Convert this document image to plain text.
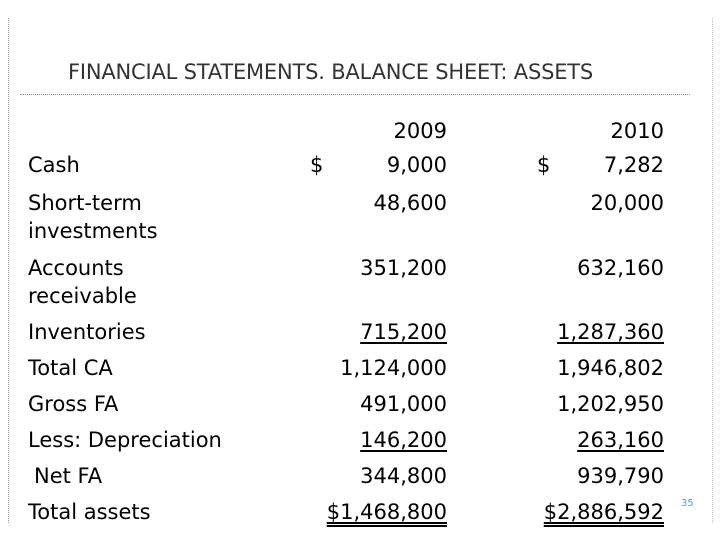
FINANCIAL STATEMENTS. BALANCE SHEET: ASSETS
2009	2010
Cash	$	9,000	$	7,282
Short-term
investments
48,600	20,000
Accounts
receivable
351,200	632,160
Inventories	715,200	1,287,360
Total CA	1,124,000	1,946,802
Gross FA	491,000	1,202,950
Less: Depreciation	146,200	263,160
Net FA	344,800	939,790
Total assets	$1,468,800	$2,886,592 35
